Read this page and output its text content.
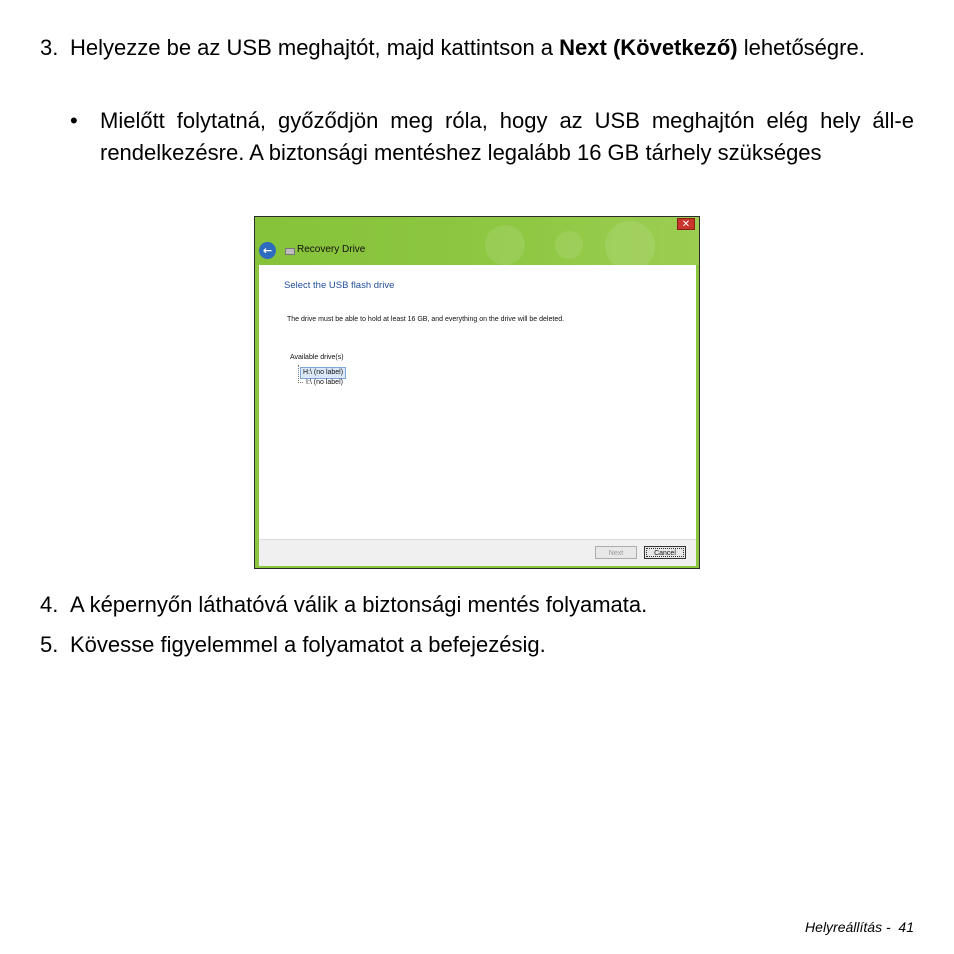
3. Helyezze be az USB meghajtót, majd kattintson a Next (Következő) lehetőségre.
• Mielőtt folytatná, győződjön meg róla, hogy az USB meghajtón elég hely áll-e rendelkezésre. A biztonsági mentéshez legalább 16 GB tárhely szükséges
✕
←	Recovery Drive
Select the USB flash drive
The drive must be able to hold at least 16 GB, and everything on the drive will be deleted.
Available drive(s)
H:\ (no label)
I:\ (no label)
Next	Cancel
4. A képernyőn láthatóvá válik a biztonsági mentés folyamata.
5. Kövesse figyelemmel a folyamatot a befejezésig.
Helyreállítás - 41
